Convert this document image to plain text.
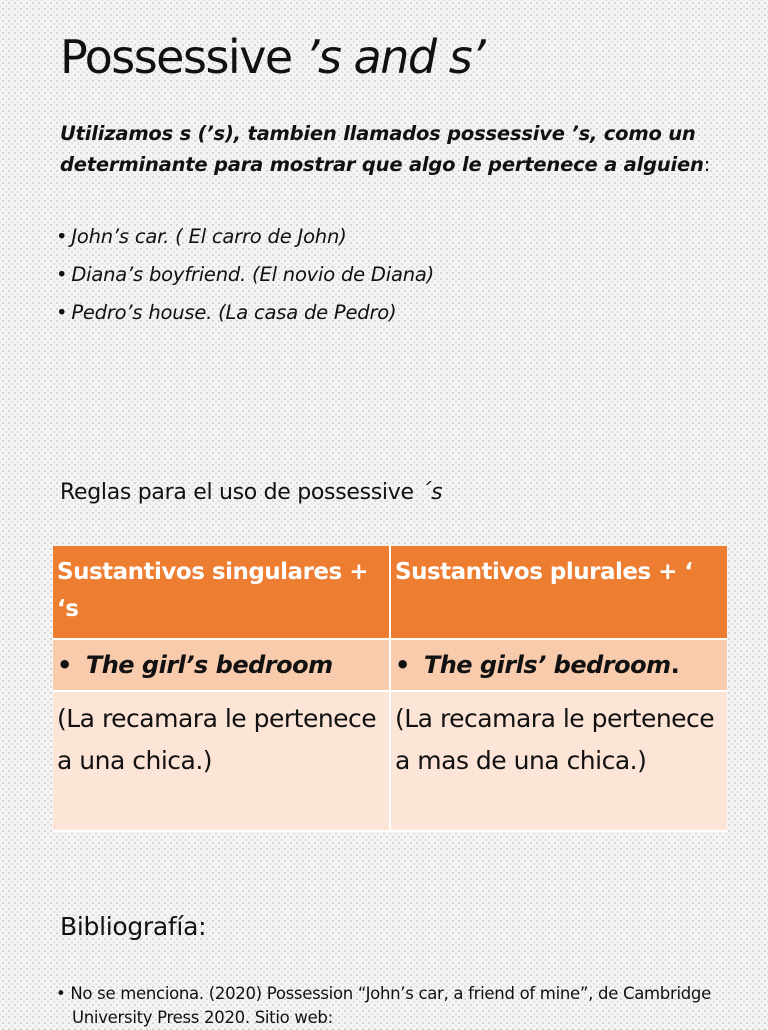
Possessive ’s and s’

Utilizamos s (’s), tambien llamados possessive ’s, como un determinante para mostrar que algo le pertenece a alguien:

• John’s car. ( El carro de John)
• Diana’s boyfriend. (El novio de Diana)
• Pedro’s house. (La casa de Pedro)
Reglas para el uso de possessive ´s
Sustantivos singulares + ‘s	Sustantivos plurales + ‘
• The girl’s bedroom	• The girls’ bedroom.
(La recamara le pertenece a una chica.)	(La recamara le pertenece a mas de una chica.)
Bibliografía:
• No se menciona. (2020) Possession “John’s car, a friend of mine”, de Cambridge University Press 2020. Sitio web:
